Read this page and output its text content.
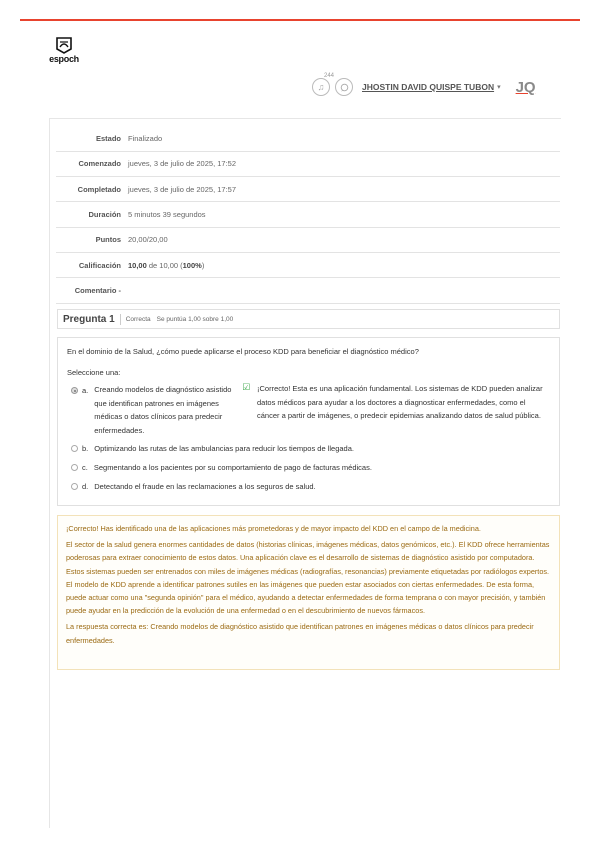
espoch
♫
244
JHOSTIN DAVID QUISPE TUBON ▾ JQ
Estado	Finalizado
Comenzado	jueves, 3 de julio de 2025, 17:52
Completado	jueves, 3 de julio de 2025, 17:57
Duración	5 minutos 39 segundos
Puntos	20,00/20,00
Calificación	10,00 de 10,00 (100%)
Comentario -	
Pregunta 1 Correcta Se puntúa 1,00 sobre 1,00
En el dominio de la Salud, ¿cómo puede aplicarse el proceso KDD para beneficiar el diagnóstico médico?
Seleccione una:
a. Creando modelos de diagnóstico asistido que identifican patrones en imágenes médicas o datos clínicos para predecir enfermedades.
☑ ¡Correcto! Esta es una aplicación fundamental. Los sistemas de KDD pueden analizar datos médicos para ayudar a los doctores a diagnosticar enfermedades, como el cáncer a partir de imágenes, o predecir epidemias analizando datos de salud pública.
b. Optimizando las rutas de las ambulancias para reducir los tiempos de llegada.
c. Segmentando a los pacientes por su comportamiento de pago de facturas médicas.
d. Detectando el fraude en las reclamaciones a los seguros de salud.

¡Correcto! Has identificado una de las aplicaciones más prometedoras y de mayor impacto del KDD en el campo de la medicina.

El sector de la salud genera enormes cantidades de datos (historias clínicas, imágenes médicas, datos genómicos, etc.). El KDD ofrece herramientas poderosas para extraer conocimiento de estos datos. Una aplicación clave es el desarrollo de sistemas de diagnóstico asistido por computadora. Estos sistemas pueden ser entrenados con miles de imágenes médicas (radiografías, resonancias) previamente etiquetadas por radiólogos expertos. El modelo de KDD aprende a identificar patrones sutiles en las imágenes que pueden estar asociados con ciertas enfermedades. De esta forma, puede actuar como una "segunda opinión" para el médico, ayudando a detectar enfermedades de forma temprana o con mayor precisión, y también puede ayudar en la predicción de la evolución de una enfermedad o en el descubrimiento de nuevos fármacos.

La respuesta correcta es: Creando modelos de diagnóstico asistido que identifican patrones en imágenes médicas o datos clínicos para predecir enfermedades.
